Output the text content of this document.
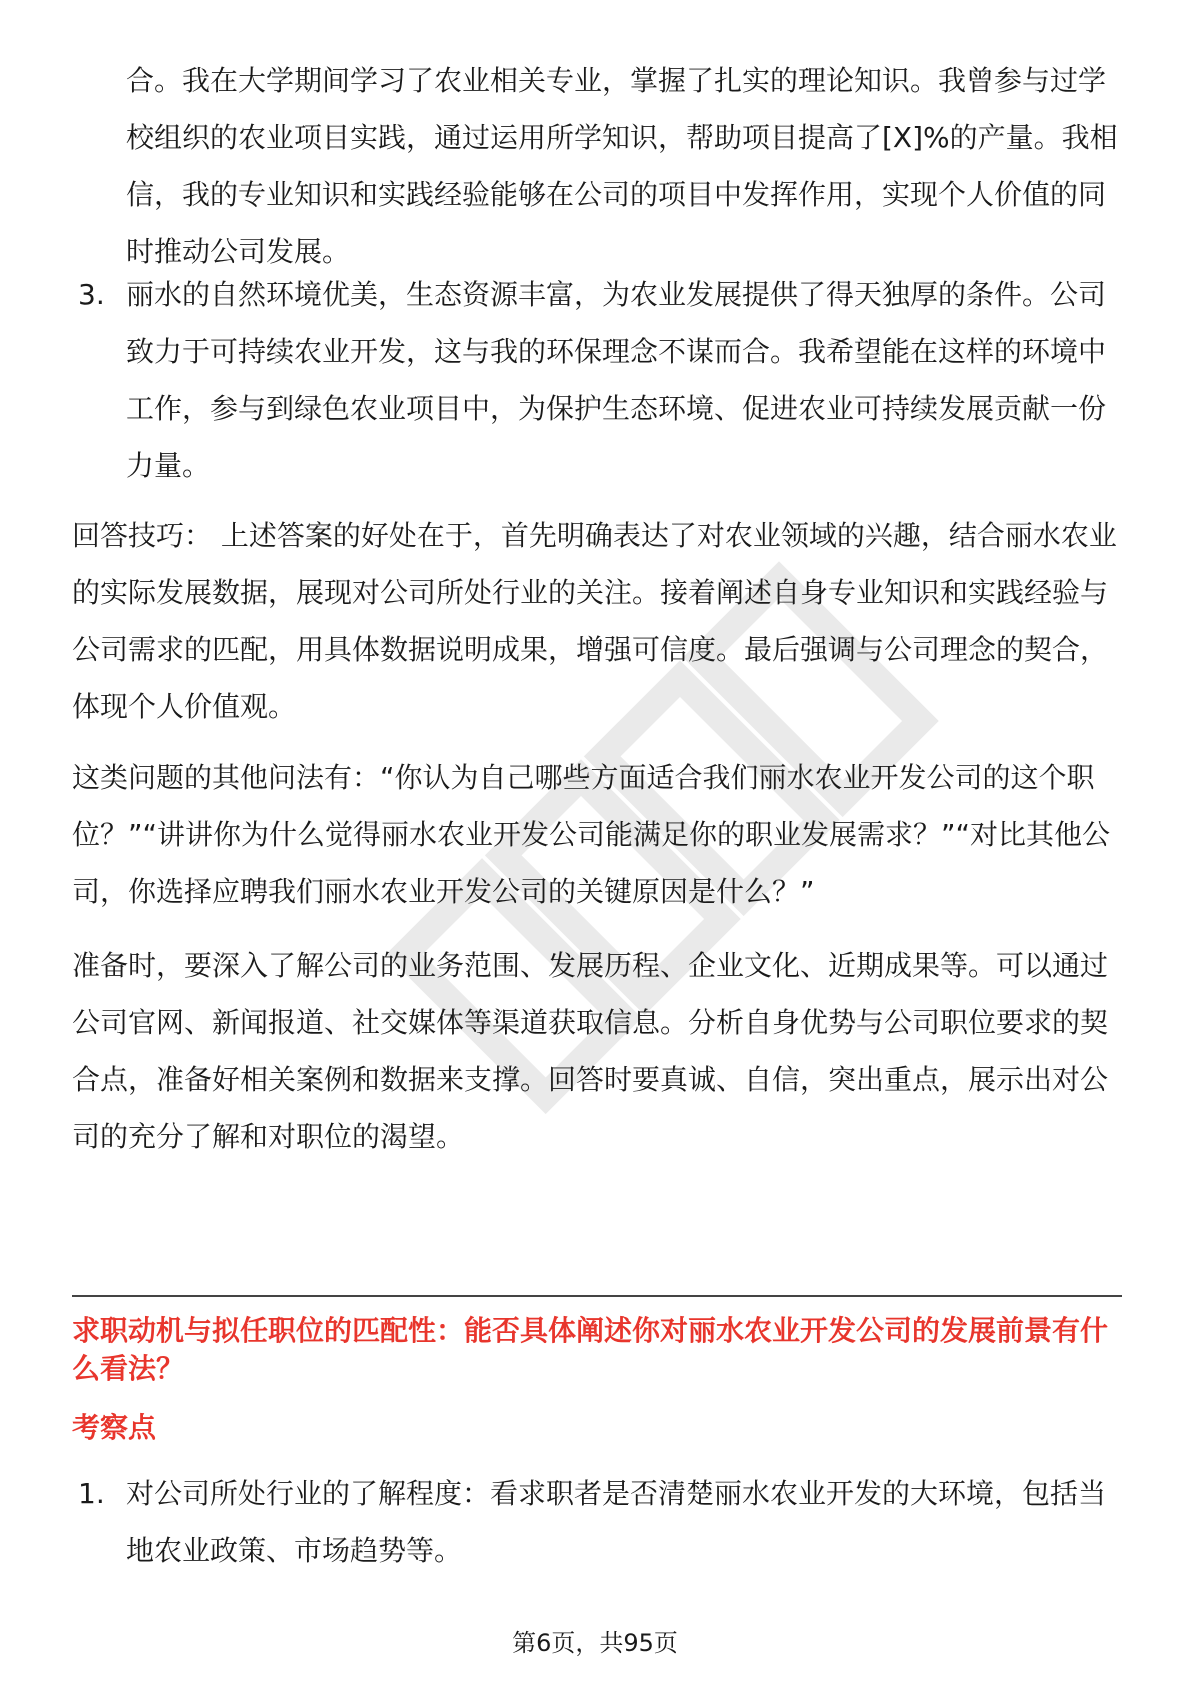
合。我在大学期间学习了农业相关专业，掌握了扎实的理论知识。我曾参与过学校组织的农业项目实践，通过运用所学知识，帮助项目提高了[X]%的产量。我相信，我的专业知识和实践经验能够在公司的项目中发挥作用，实现个人价值的同时推动公司发展。

3. 丽水的自然环境优美，生态资源丰富，为农业发展提供了得天独厚的条件。公司致力于可持续农业开发，这与我的环保理念不谋而合。我希望能在这样的环境中工作，参与到绿色农业项目中，为保护生态环境、促进农业可持续发展贡献一份力量。

回答技巧： 上述答案的好处在于，首先明确表达了对农业领域的兴趣，结合丽水农业的实际发展数据，展现对公司所处行业的关注。接着阐述自身专业知识和实践经验与公司需求的匹配，用具体数据说明成果，增强可信度。最后强调与公司理念的契合，体现个人价值观。

这类问题的其他问法有：“你认为自己哪些方面适合我们丽水农业开发公司的这个职位？”“讲讲你为什么觉得丽水农业开发公司能满足你的职业发展需求？”“对比其他公司，你选择应聘我们丽水农业开发公司的关键原因是什么？”

准备时，要深入了解公司的业务范围、发展历程、企业文化、近期成果等。可以通过公司官网、新闻报道、社交媒体等渠道获取信息。分析自身优势与公司职位要求的契合点，准备好相关案例和数据来支撑。回答时要真诚、自信，突出重点，展示出对公司的充分了解和对职位的渴望。

求职动机与拟任职位的匹配性：能否具体阐述你对丽水农业开发公司的发展前景有什么看法？
考察点
1. 对公司所处行业的了解程度：看求职者是否清楚丽水农业开发的大环境，包括当地农业政策、市场趋势等。
第6页，共95页
